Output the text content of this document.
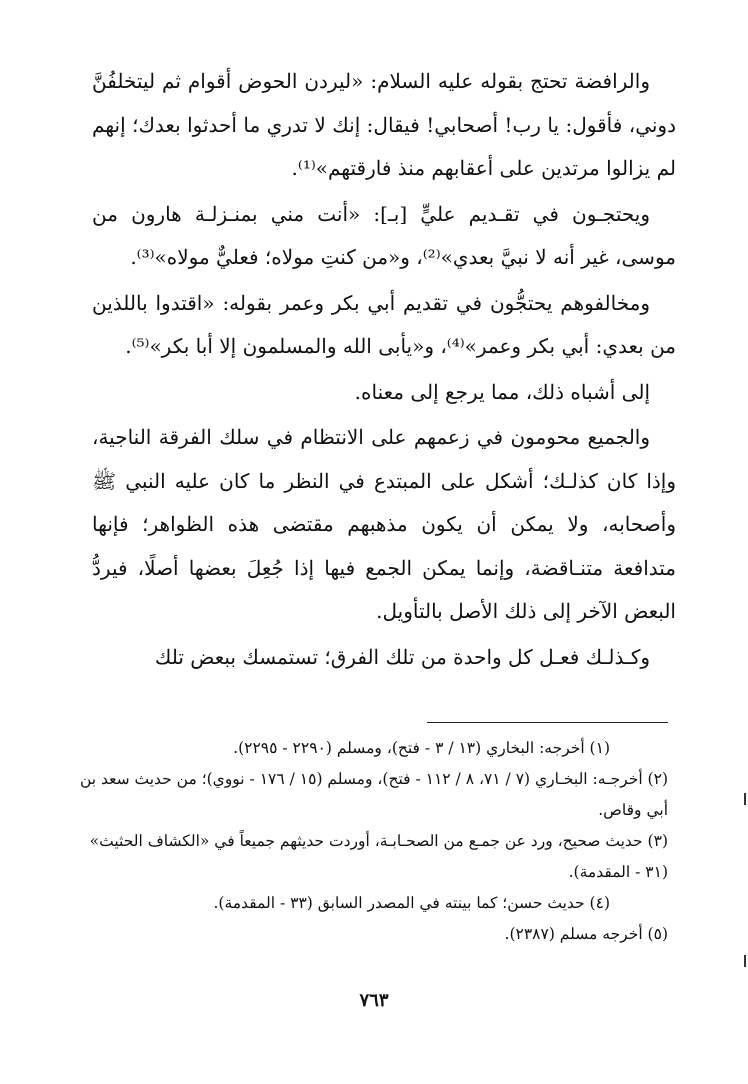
والرافضة تحتج بقوله عليه السلام: «ليردن الحوض أقوام ثم ليتخلفُنَّ دوني، فأقول: يا رب! أصحابي! فيقال: إنك لا تدري ما أحدثوا بعدك؛ إنهم لم يزالوا مرتدين على أعقابهم منذ فارقتهم»⁽¹⁾.

ويحتجـون في تقـديم عليٍّ [بـ]: «أنت مني بمنـزلـة هارون من موسى، غير أنه لا نبيَّ بعدي»⁽²⁾، و«من كنتِ مولاه؛ فعليٌّ مولاه»⁽³⁾.

ومخالفوهم يحتجُّون في تقديم أبي بكر وعمر بقوله: «اقتدوا باللذين من بعدي: أبي بكر وعمر»⁽⁴⁾، و«يأبى الله والمسلمون إلا أبا بكر»⁽⁵⁾.

إلى أشباه ذلك، مما يرجع إلى معناه.

والجميع محومون في زعمهم على الانتظام في سلك الفرقة الناجية، وإذا كان كذلـك؛ أشكل على المبتدع في النظر ما كان عليه النبي ﷺ وأصحابه، ولا يمكن أن يكون مذهبهم مقتضى هذه الظواهر؛ فإنها متدافعة متنـاقضة، وإنما يمكن الجمع فيها إذا جُعِلَ بعضها أصلًا، فيردُّ البعض الآخر إلى ذلك الأصل بالتأويل.

وكـذلـك فعـل كل واحدة من تلك الفرق؛ تستمسك ببعض تلك

(١) أخرجه: البخاري (١٣ / ٣ - فتح)، ومسلم (٢٢٩٠ - ٢٢٩٥).

(٢) أخرجـه: البخـاري (٧ / ٧١، ٨ / ١١٢ - فتح)، ومسلم (١٥ / ١٧٦ - نووي)؛ من حديث سعد بن أبي وقاص.

(٣) حديث صحيح، ورد عن جمـع من الصحـابـة، أوردت حديثهم جميعاً في «الكشاف الحثيث» (٣١ - المقدمة).

(٤) حديث حسن؛ كما بينته في المصدر السابق (٣٣ - المقدمة).

(٥) أخرجه مسلم (٢٣٨٧).

٧٦٣
